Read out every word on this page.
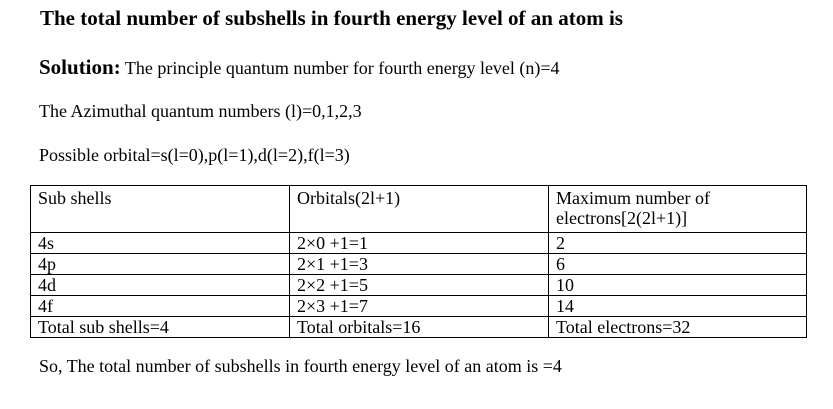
The total number of subshells in fourth energy level of an atom is
Solution: The principle quantum number for fourth energy level (n)=4
The Azimuthal quantum numbers (l)=0,1,2,3
Possible orbital=s(l=0),p(l=1),d(l=2),f(l=3)
Sub shells	Orbitals(2l+1)	Maximum number of electrons[2(2l+1)]
4s	2×0 +1=1	2
4p	2×1 +1=3	6
4d	2×2 +1=5	10
4f	2×3 +1=7	14
Total sub shells=4	Total orbitals=16	Total electrons=32
So, The total number of subshells in fourth energy level of an atom is =4
